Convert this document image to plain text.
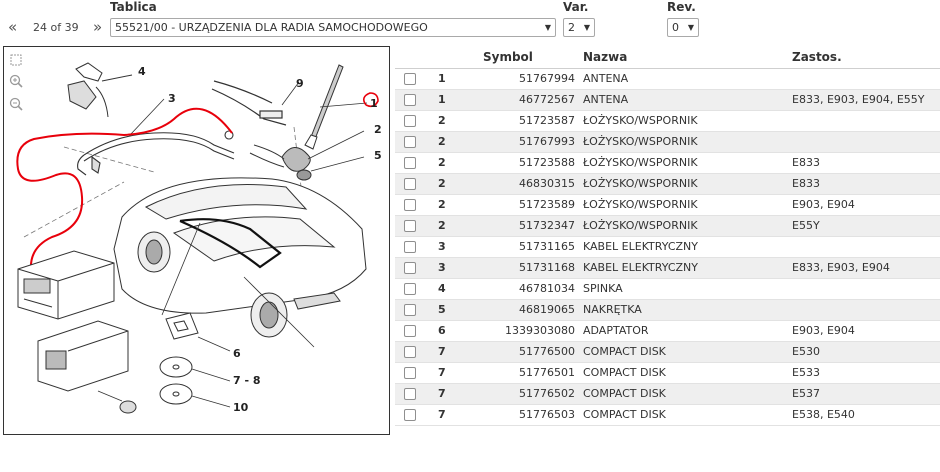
Tablica	Var.	Rev.
« 24 of 39 »	55521/00 - URZĄDZENIA DLA RADIA SAMOCHODOWEGO	▼	2 ▼	0 ▼
1
2
3
4
5
6
7 - 8
9
10
		Symbol	Nazwa	Zastos.
	1	51767994	ANTENA	
	1	46772567	ANTENA	E833, E903, E904, E55Y
	2	51723587	ŁOŻYSKO/WSPORNIK	
	2	51767993	ŁOŻYSKO/WSPORNIK	
	2	51723588	ŁOŻYSKO/WSPORNIK	E833
	2	46830315	ŁOŻYSKO/WSPORNIK	E833
	2	51723589	ŁOŻYSKO/WSPORNIK	E903, E904
	2	51732347	ŁOŻYSKO/WSPORNIK	E55Y
	3	51731165	KABEL ELEKTRYCZNY	
	3	51731168	KABEL ELEKTRYCZNY	E833, E903, E904
	4	46781034	SPINKA	
	5	46819065	NAKRĘTKA	
	6	1339303080	ADAPTATOR	E903, E904
	7	51776500	COMPACT DISK	E530
	7	51776501	COMPACT DISK	E533
	7	51776502	COMPACT DISK	E537
	7	51776503	COMPACT DISK	E538, E540
